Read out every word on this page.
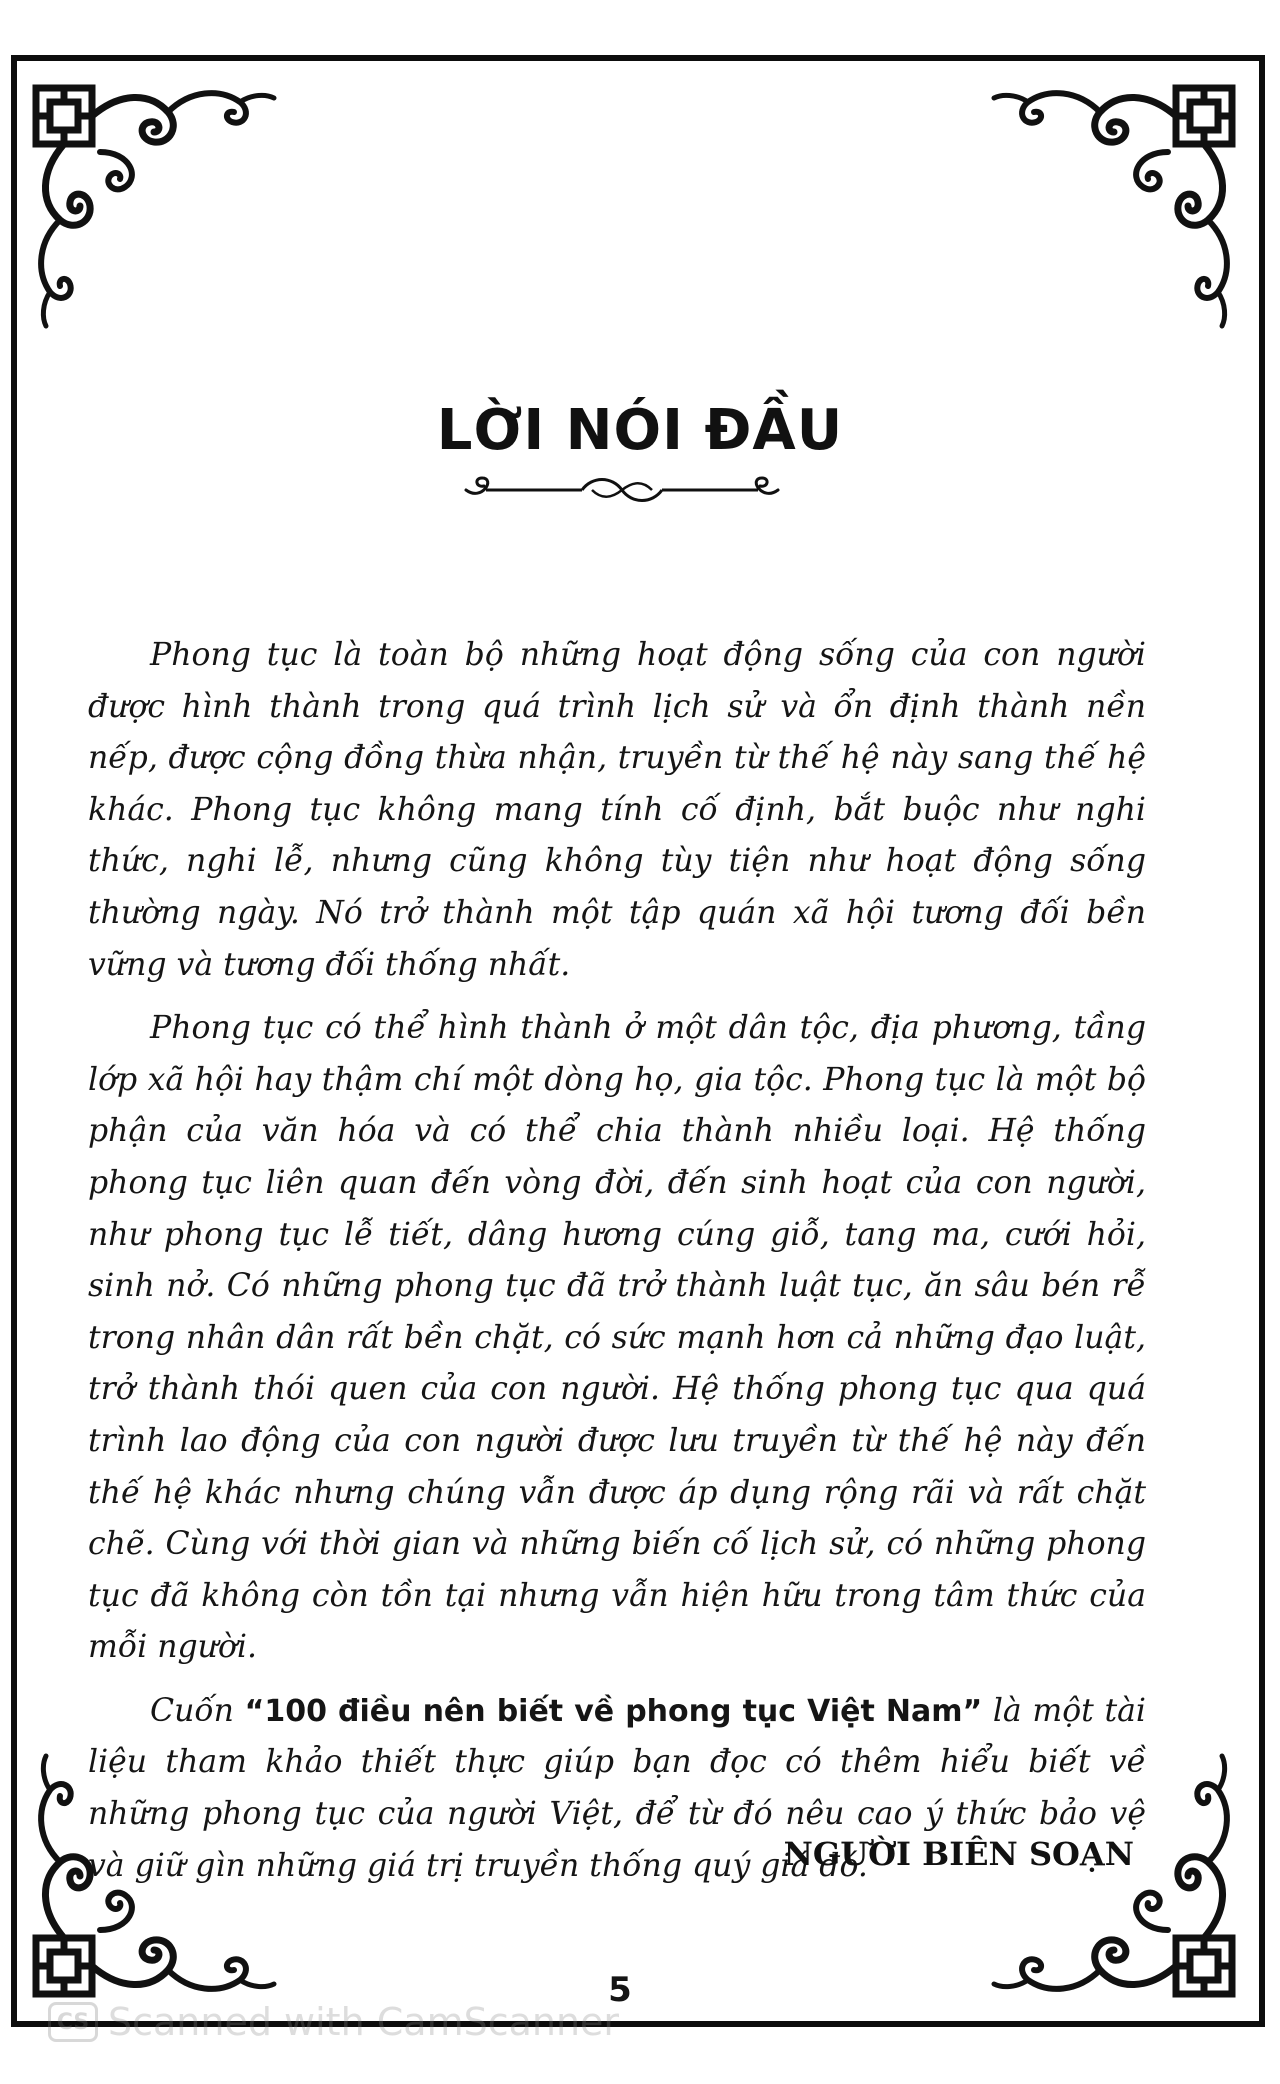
LỜI NÓI ĐẦU

Phong tục là toàn bộ những hoạt động sống của con người được hình thành trong quá trình lịch sử và ổn định thành nền nếp, được cộng đồng thừa nhận, truyền từ thế hệ này sang thế hệ khác. Phong tục không mang tính cố định, bắt buộc như nghi thức, nghi lễ, nhưng cũng không tùy tiện như hoạt động sống thường ngày. Nó trở thành một tập quán xã hội tương đối bền vững và tương đối thống nhất.

Phong tục có thể hình thành ở một dân tộc, địa phương, tầng lớp xã hội hay thậm chí một dòng họ, gia tộc. Phong tục là một bộ phận của văn hóa và có thể chia thành nhiều loại. Hệ thống phong tục liên quan đến vòng đời, đến sinh hoạt của con người, như phong tục lễ tiết, dâng hương cúng giỗ, tang ma, cưới hỏi, sinh nở. Có những phong tục đã trở thành luật tục, ăn sâu bén rễ trong nhân dân rất bền chặt, có sức mạnh hơn cả những đạo luật, trở thành thói quen của con người. Hệ thống phong tục qua quá trình lao động của con người được lưu truyền từ thế hệ này đến thế hệ khác nhưng chúng vẫn được áp dụng rộng rãi và rất chặt chẽ. Cùng với thời gian và những biến cố lịch sử, có những phong tục đã không còn tồn tại nhưng vẫn hiện hữu trong tâm thức của mỗi người.

Cuốn “100 điều nên biết về phong tục Việt Nam” là một tài liệu tham khảo thiết thực giúp bạn đọc có thêm hiểu biết về những phong tục của người Việt, để từ đó nêu cao ý thức bảo vệ và giữ gìn những giá trị truyền thống quý giá đó.

NGƯỜI BIÊN SOẠN
5
CS Scanned with CamScanner
